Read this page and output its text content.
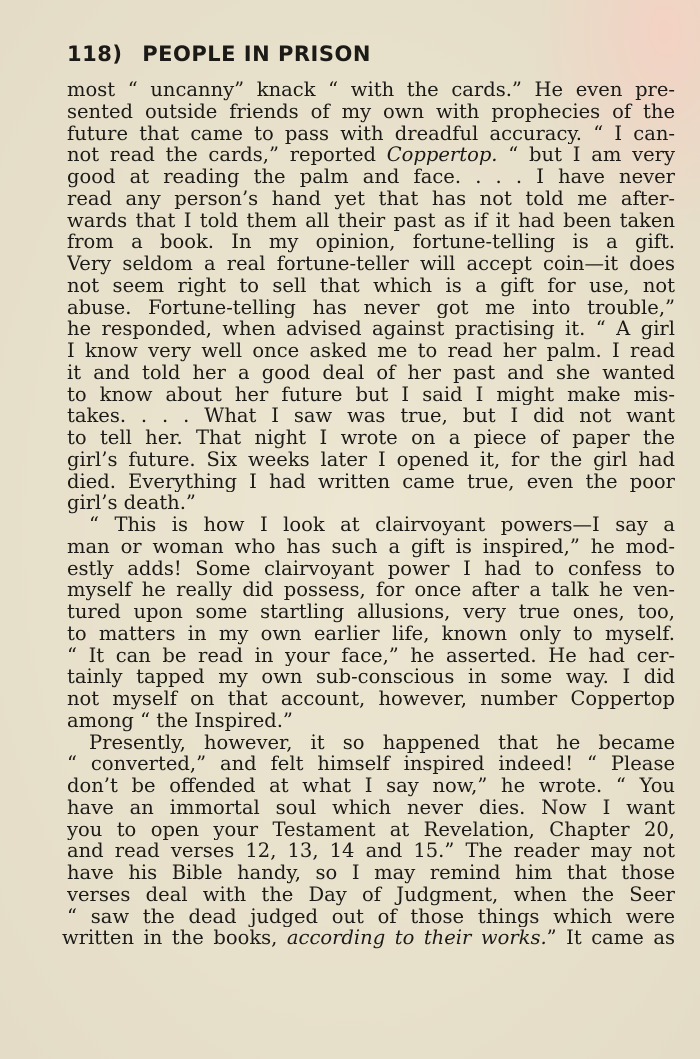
118) PEOPLE IN PRISON
most “ uncanny” knack “ with the cards.” He even pre-
sented outside friends of my own with prophecies of the
future that came to pass with dreadful accuracy. “ I can-
not read the cards,” reported Coppertop. “ but I am very
good at reading the palm and face. . . . I have never
read any person’s hand yet that has not told me after-
wards that I told them all their past as if it had been taken
from a book. In my opinion, fortune-telling is a gift.
Very seldom a real fortune-teller will accept coin—it does
not seem right to sell that which is a gift for use, not
abuse. Fortune-telling has never got me into trouble,”
he responded, when advised against practising it. “ A girl
I know very well once asked me to read her palm. I read
it and told her a good deal of her past and she wanted
to know about her future but I said I might make mis-
takes. . . . What I saw was true, but I did not want
to tell her. That night I wrote on a piece of paper the
girl’s future. Six weeks later I opened it, for the girl had
died. Everything I had written came true, even the poor
girl’s death.”
“ This is how I look at clairvoyant powers—I say a
man or woman who has such a gift is inspired,” he mod-
estly adds! Some clairvoyant power I had to confess to
myself he really did possess, for once after a talk he ven-
tured upon some startling allusions, very true ones, too,
to matters in my own earlier life, known only to myself.
“ It can be read in your face,” he asserted. He had cer-
tainly tapped my own sub-conscious in some way. I did
not myself on that account, however, number Coppertop
among “ the Inspired.”
Presently, however, it so happened that he became
“ converted,” and felt himself inspired indeed! “ Please
don’t be offended at what I say now,” he wrote. “ You
have an immortal soul which never dies. Now I want
you to open your Testament at Revelation, Chapter 20,
and read verses 12, 13, 14 and 15.” The reader may not
have his Bible handy, so I may remind him that those
verses deal with the Day of Judgment, when the Seer
“ saw the dead judged out of those things which were
written in the books, according to their works.” It came as
